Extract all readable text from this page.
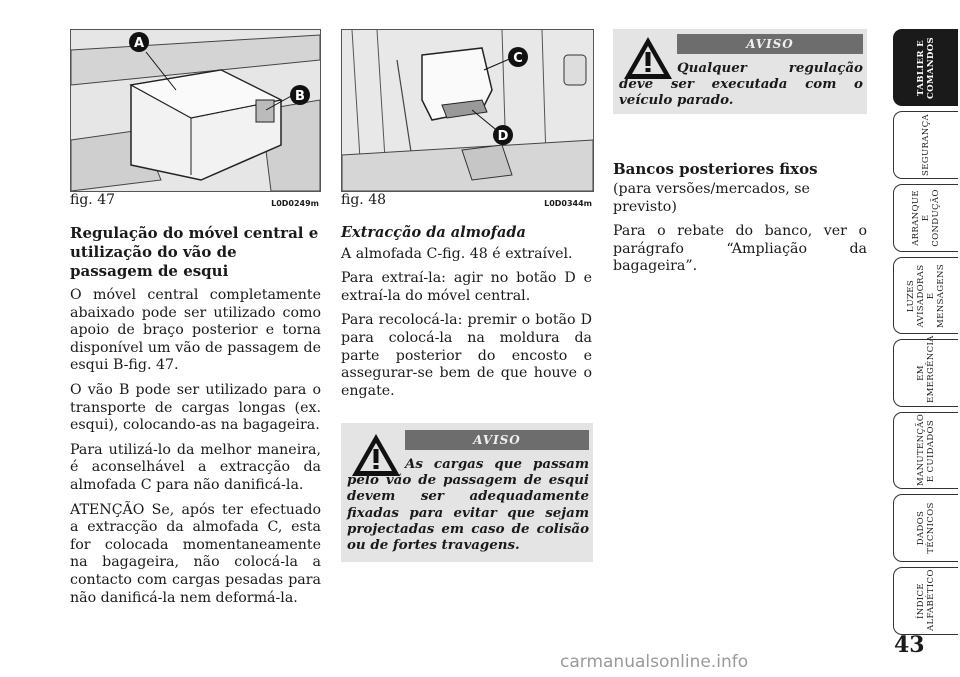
A
B
fig. 47	L0D0249m
C
D
fig. 48	L0D0344m
Regulação do móvel central e utilização do vão de passagem de esqui

O móvel central completamente abaixado pode ser utilizado como apoio de braço posterior e torna disponível um vão de passagem de esqui B-fig. 47.

O vão B pode ser utilizado para o transporte de cargas longas (ex. esqui), colocando-as na bagageira.

Para utilizá-lo da melhor maneira, é aconselhável a extracção da almofada C para não danificá-la.

ATENÇÃO Se, após ter efectuado a extracção da almofada C, esta for colocada momentaneamente na bagageira, não colocá-la a contacto com cargas pesadas para não danificá-la nem deformá-la.

Extracção da almofada

A almofada C-fig. 48 é extraível.

Para extraí-la: agir no botão D e extraí-la do móvel central.

Para recolocá-la: premir o botão D para colocá-la na moldura da parte posterior do encosto e assegurar-se bem de que houve o engate.

AVISO
As cargas que passam pelo vão de passagem de esqui devem ser adequadamente fixadas para evitar que sejam projectadas em caso de colisão ou de fortes travagens.
AVISO
Qualquer regulação deve ser executada com o veículo parado.
Bancos posteriores fixos

(para versões/mercados, se previsto)

Para o rebate do banco, ver o parágrafo “Ampliação da bagageira”.

TABLIER E COMANDOS
SEGURANÇA
ARRANQUE E CONDUÇÃO
LUZES AVISADORAS E MENSAGENS
EM EMERGÊNCIA
MANUTENÇÃO E CUIDADOS
DADOS TÉCNICOS
ÍNDICE ALFABÉTICO
43
carmanualsonline.info
